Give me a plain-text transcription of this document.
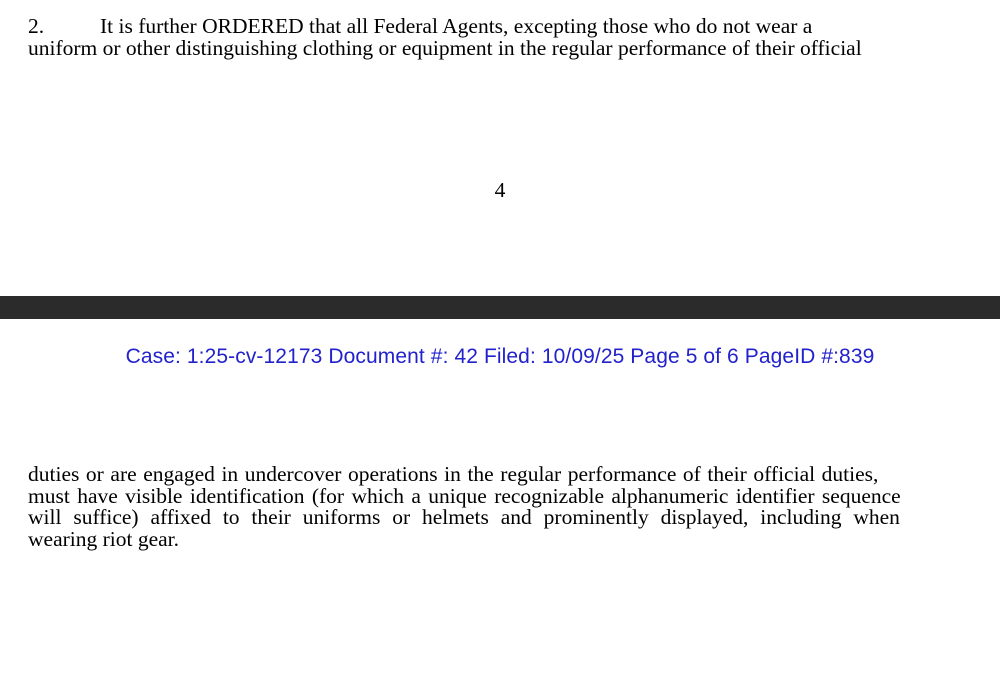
2.	It is further ORDERED that all Federal Agents, excepting those who do not wear a
uniform or other distinguishing clothing or equipment in the regular performance of their official
4
Case: 1:25-cv-12173 Document #: 42 Filed: 10/09/25 Page 5 of 6 PageID #:839
duties or are engaged in undercover operations in the regular performance of their official duties,
must have visible identification (for which a unique recognizable alphanumeric identifier sequence
will suffice) affixed to their uniforms or helmets and prominently displayed, including when
wearing riot gear.
